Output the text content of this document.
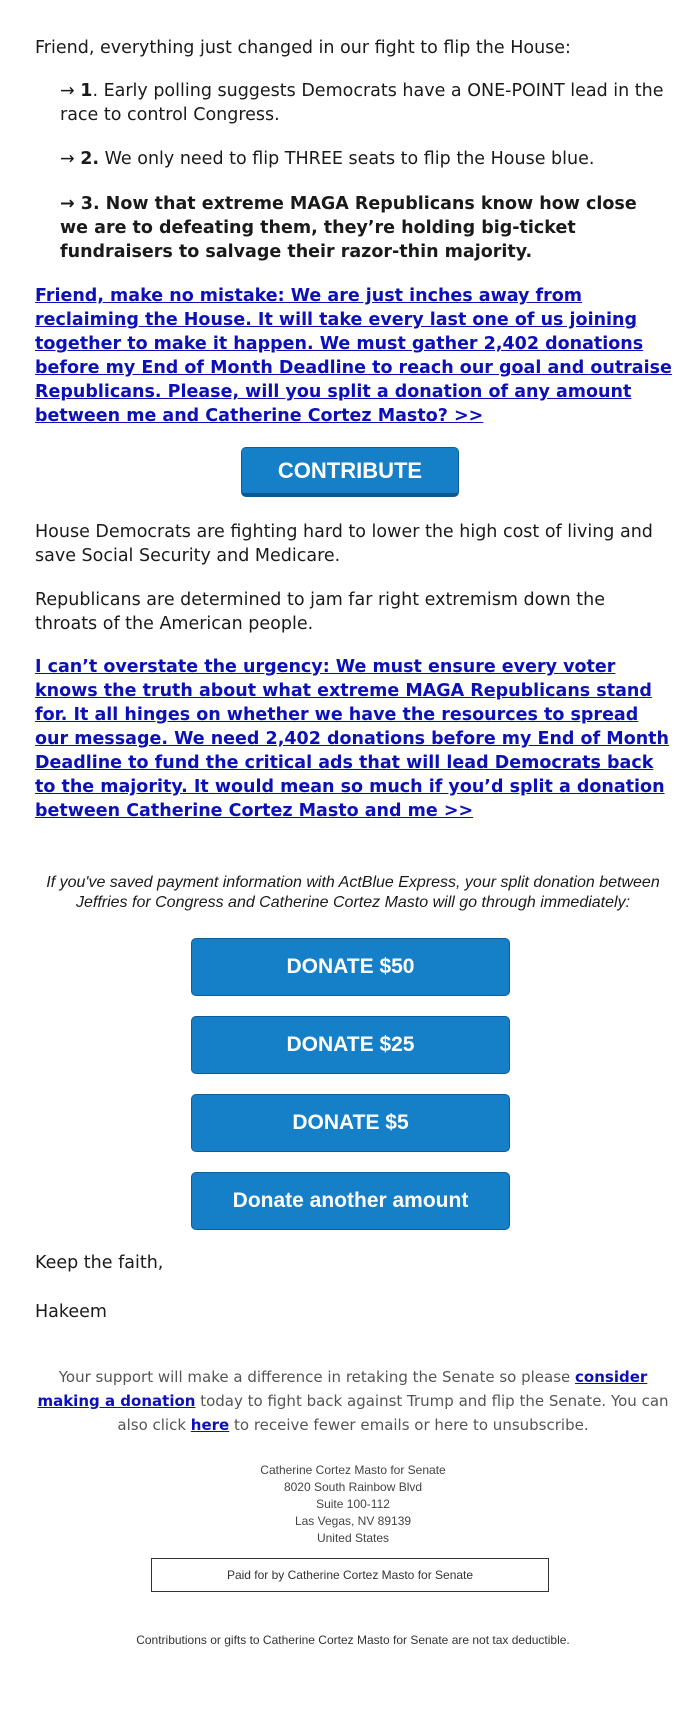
Friend, everything just changed in our fight to flip the House:

→ 1. Early polling suggests Democrats have a ONE-POINT lead in the race to control Congress.

→ 2. We only need to flip THREE seats to flip the House blue.

→ 3. Now that extreme MAGA Republicans know how close we are to defeating them, they’re holding big-ticket fundraisers to salvage their razor-thin majority.

Friend, make no mistake: We are just inches away from reclaiming the House. It will take every last one of us joining together to make it happen. We must gather 2,402 donations before my End of Month Deadline to reach our goal and outraise Republicans. Please, will you split a donation of any amount between me and Catherine Cortez Masto? >>
CONTRIBUTE

House Democrats are fighting hard to lower the high cost of living and save Social Security and Medicare.

Republicans are determined to jam far right extremism down the throats of the American people.

I can’t overstate the urgency: We must ensure every voter knows the truth about what extreme MAGA Republicans stand for. It all hinges on whether we have the resources to spread our message. We need 2,402 donations before my End of Month Deadline to fund the critical ads that will lead Democrats back to the majority. It would mean so much if you’d split a donation between Catherine Cortez Masto and me >>

If you've saved payment information with ActBlue Express, your split donation between Jeffries for Congress and Catherine Cortez Masto will go through immediately:

DONATE $50
DONATE $25
DONATE $5
Donate another amount

Keep the faith,

Hakeem

Your support will make a difference in retaking the Senate so please consider making a donation today to fight back against Trump and flip the Senate. You can also click here to receive fewer emails or here to unsubscribe.

Catherine Cortez Masto for Senate
8020 South Rainbow Blvd
Suite 100-112
Las Vegas, NV 89139
United States
Paid for by Catherine Cortez Masto for Senate
Contributions or gifts to Catherine Cortez Masto for Senate are not tax deductible.
